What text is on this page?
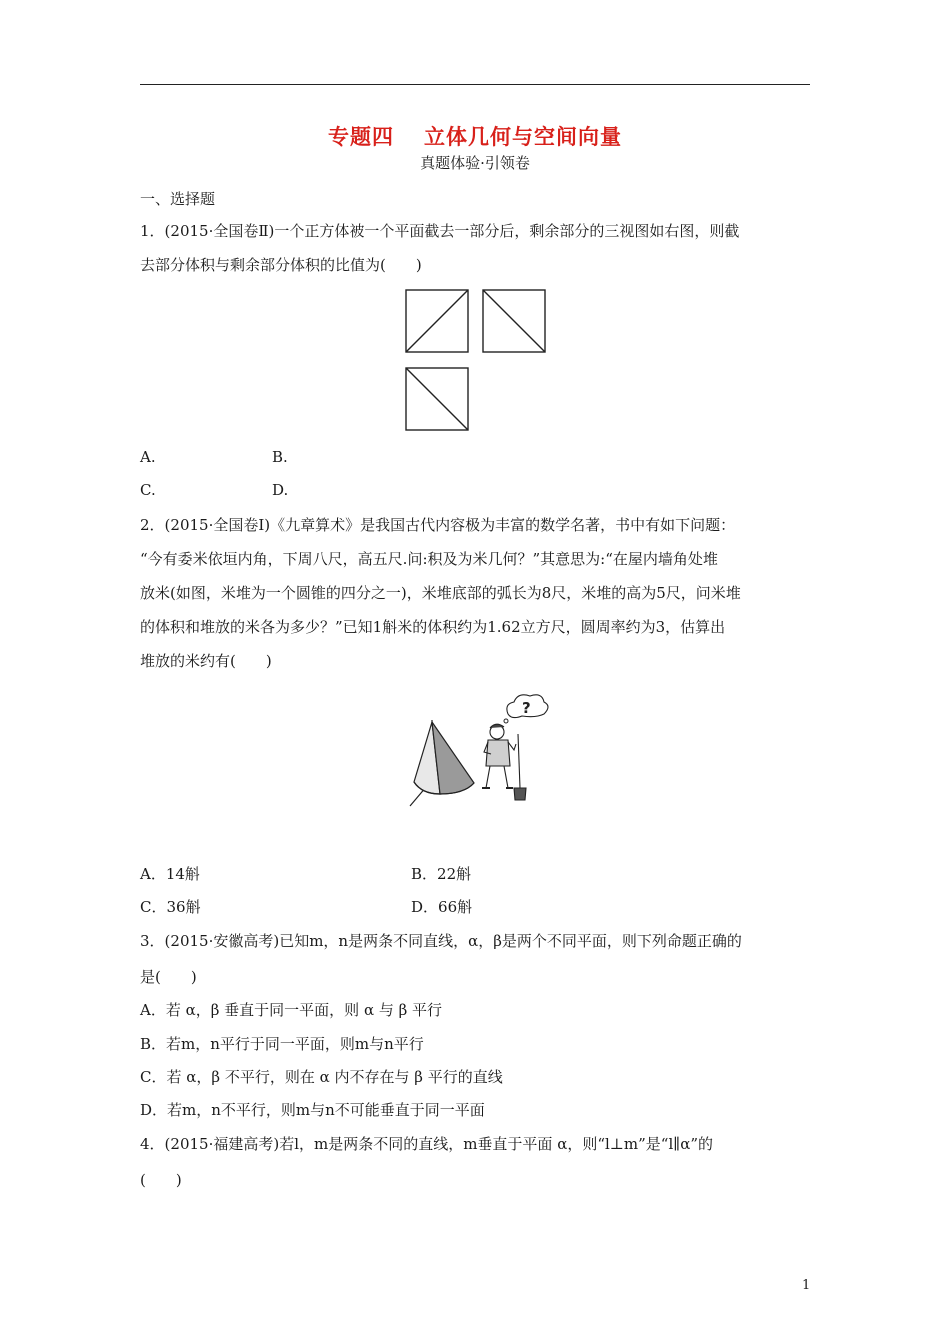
专题四 立体几何与空间向量
真题体验·引领卷
一、选择题
1．(2015·全国卷Ⅱ)一个正方体被一个平面截去一部分后，剩余部分的三视图如右图，则截
去部分体积与剩余部分体积的比值为(　　)
A.	B.
C.	D.
2．(2015·全国卷Ⅰ)《九章算术》是我国古代内容极为丰富的数学名著，书中有如下问题：
“今有委米依垣内角，下周八尺，高五尺.问:积及为米几何？”其意思为:“在屋内墙角处堆
放米(如图，米堆为一个圆锥的四分之一)，米堆底部的弧长为8尺，米堆的高为5尺，问米堆
的体积和堆放的米各为多少？”已知1斛米的体积约为1.62立方尺，圆周率约为3，估算出
堆放的米约有(　　)
?
A．14斛	B．22斛
C．36斛	D．66斛
3．(2015·安徽高考)已知m，n是两条不同直线，α，β是两个不同平面，则下列命题正确的
是(　　)
A．若 α，β 垂直于同一平面，则 α 与 β 平行
B．若m，n平行于同一平面，则m与n平行
C．若 α，β 不平行，则在 α 内不存在与 β 平行的直线
D．若m，n不平行，则m与n不可能垂直于同一平面
4．(2015·福建高考)若l，m是两条不同的直线，m垂直于平面 α，则“l⊥m”是“l∥α”的
(　　)
1
